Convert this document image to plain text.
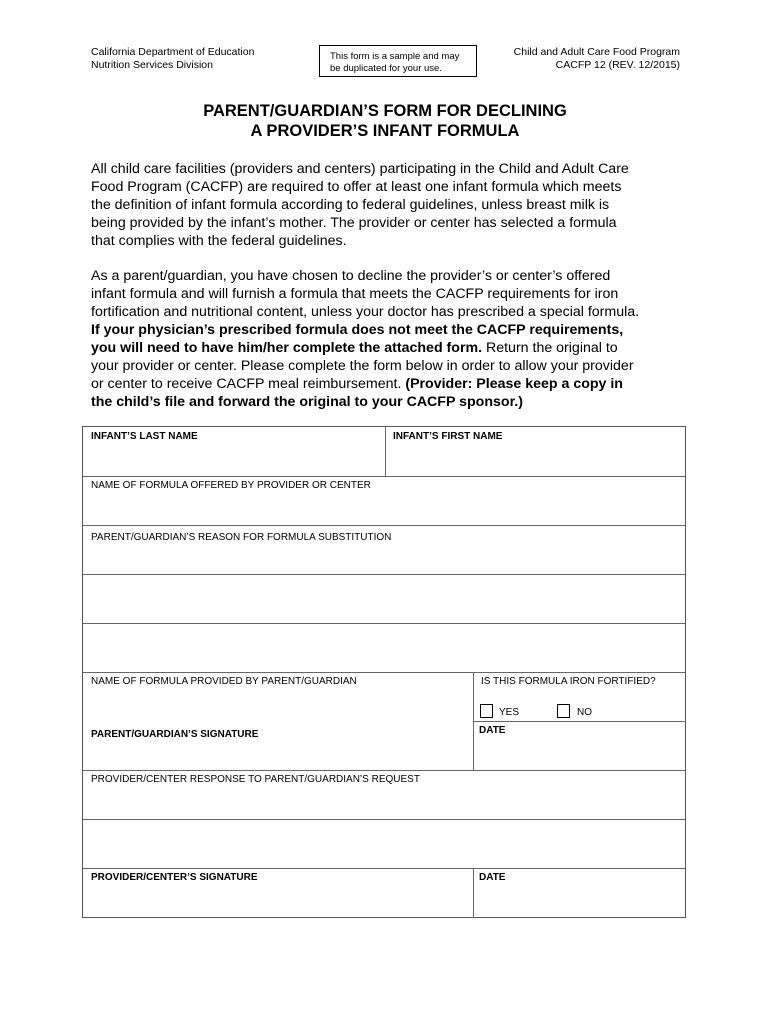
California Department of Education
Nutrition Services Division
This form is a sample and may
be duplicated for your use.
Child and Adult Care Food Program
CACFP 12 (REV. 12/2015)
PARENT/GUARDIAN’S FORM FOR DECLINING
A PROVIDER’S INFANT FORMULA
All child care facilities (providers and centers) participating in the Child and Adult Care
Food Program (CACFP) are required to offer at least one infant formula which meets
the definition of infant formula according to federal guidelines, unless breast milk is
being provided by the infant’s mother. The provider or center has selected a formula
that complies with the federal guidelines.
As a parent/guardian, you have chosen to decline the provider’s or center’s offered
infant formula and will furnish a formula that meets the CACFP requirements for iron
fortification and nutritional content, unless your doctor has prescribed a special formula.
If your physician’s prescribed formula does not meet the CACFP requirements,
you will need to have him/her complete the attached form. Return the original to
your provider or center. Please complete the form below in order to allow your provider
or center to receive CACFP meal reimbursement. (Provider: Please keep a copy in
the child’s file and forward the original to your CACFP sponsor.)
INFANT’S LAST NAME	INFANT’S FIRST NAME
NAME OF FORMULA OFFERED BY PROVIDER OR CENTER
PARENT/GUARDIAN’S REASON FOR FORMULA SUBSTITUTION
NAME OF FORMULA PROVIDED BY PARENT/GUARDIAN	IS THIS FORMULA IRON FORTIFIED?
YES	NO
PARENT/GUARDIAN’S SIGNATURE	DATE
PROVIDER/CENTER RESPONSE TO PARENT/GUARDIAN’S REQUEST
PROVIDER/CENTER’S SIGNATURE	DATE
